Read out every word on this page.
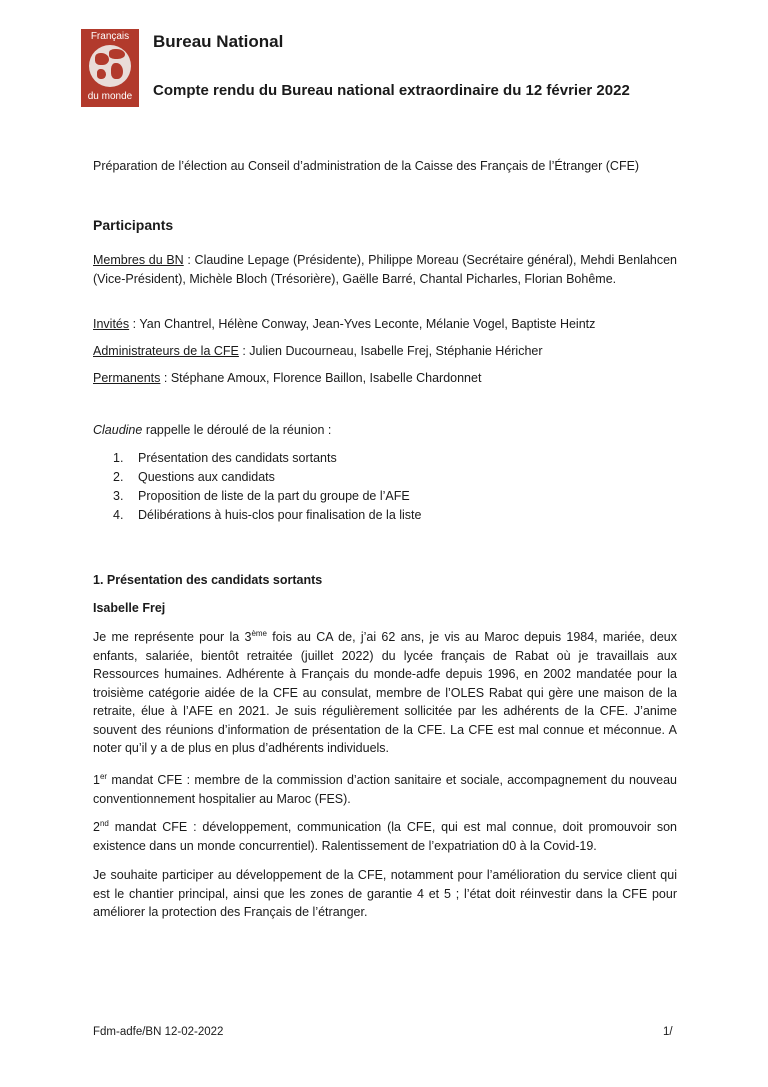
Français
du monde
Bureau National
Compte rendu du Bureau national extraordinaire du 12 février 2022
Préparation de l’élection au Conseil d’administration de la Caisse des Français de l’Étranger (CFE)
Participants
Membres du BN : Claudine Lepage (Présidente), Philippe Moreau (Secrétaire général), Mehdi Benlahcen (Vice-Président), Michèle Bloch (Trésorière), Gaëlle Barré, Chantal Picharles, Florian Bohême.
Invités : Yan Chantrel, Hélène Conway, Jean-Yves Leconte, Mélanie Vogel, Baptiste Heintz
Administrateurs de la CFE : Julien Ducourneau, Isabelle Frej, Stéphanie Héricher
Permanents : Stéphane Amoux, Florence Baillon, Isabelle Chardonnet
Claudine rappelle le déroulé de la réunion :
1. Présentation des candidats sortants
2. Questions aux candidats
3. Proposition de liste de la part du groupe de l’AFE
4. Délibérations à huis-clos pour finalisation de la liste
1. Présentation des candidats sortants
Isabelle Frej
Je me représente pour la 3ème fois au CA de, j’ai 62 ans, je vis au Maroc depuis 1984, mariée, deux enfants, salariée, bientôt retraitée (juillet 2022) du lycée français de Rabat où je travaillais aux Ressources humaines. Adhérente à Français du monde-adfe depuis 1996, en 2002 mandatée pour la troisième catégorie aidée de la CFE au consulat, membre de l’OLES Rabat qui gère une maison de la retraite, élue à l’AFE en 2021. Je suis régulièrement sollicitée par les adhérents de la CFE. J’anime souvent des réunions d’information de présentation de la CFE. La CFE est mal connue et méconnue. A noter qu’il y a de plus en plus d’adhérents individuels.
1er mandat CFE : membre de la commission d’action sanitaire et sociale, accompagnement du nouveau conventionnement hospitalier au Maroc (FES).
2nd mandat CFE : développement, communication (la CFE, qui est mal connue, doit promouvoir son existence dans un monde concurrentiel). Ralentissement de l’expatriation d0 à la Covid-19.
Je souhaite participer au développement de la CFE, notamment pour l’amélioration du service client qui est le chantier principal, ainsi que les zones de garantie 4 et 5 ; l’état doit réinvestir dans la CFE pour améliorer la protection des Français de l’étranger.
Fdm-adfe/BN 12-02-2022	1/
